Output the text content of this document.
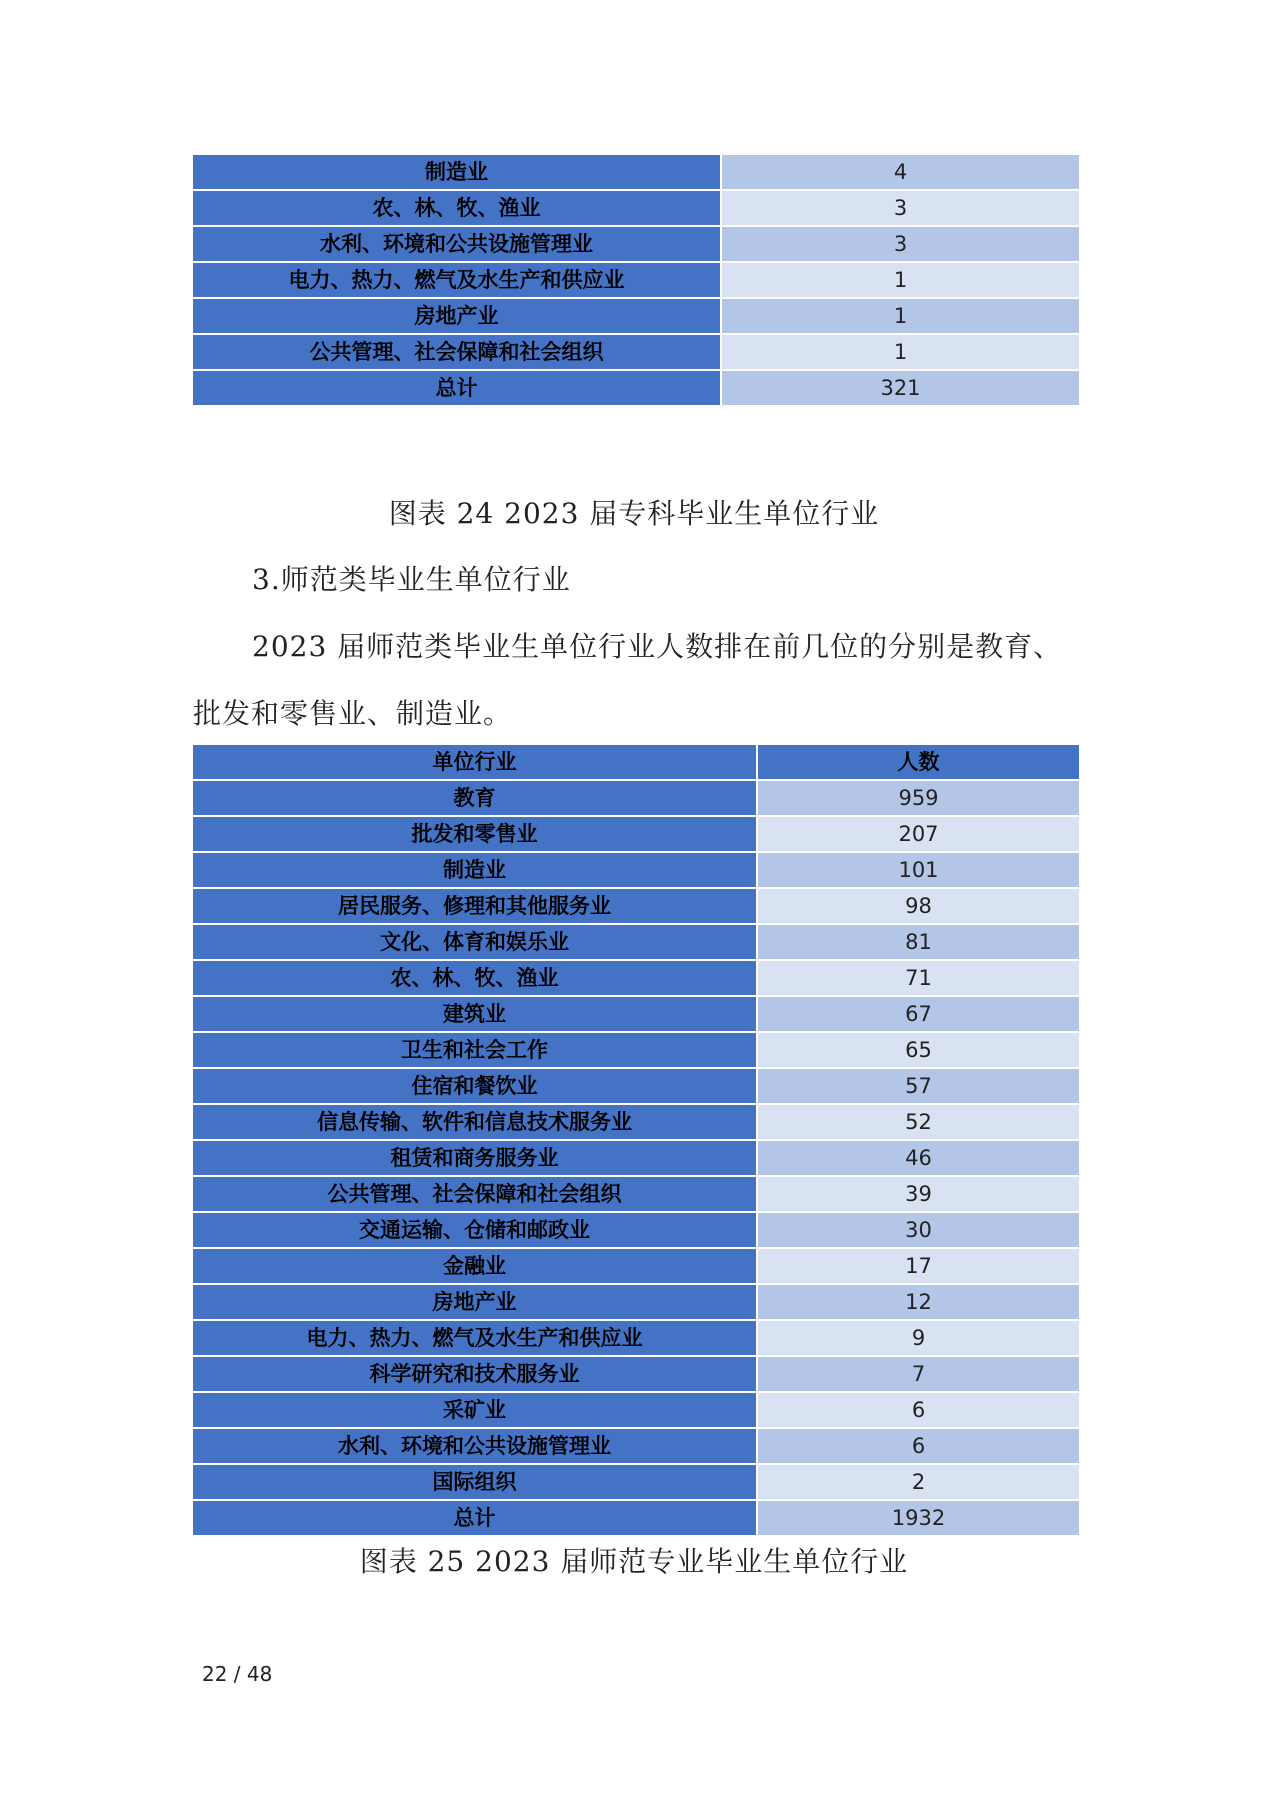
制造业	4
农、林、牧、渔业	3
水利、环境和公共设施管理业	3
电力、热力、燃气及水生产和供应业	1
房地产业	1
公共管理、社会保障和社会组织	1
总计	321
图表 24 2023 届专科毕业生单位行业
3.师范类毕业生单位行业
2023 届师范类毕业生单位行业人数排在前几位的分别是教育、
批发和零售业、制造业。
单位行业	人数
教育	959
批发和零售业	207
制造业	101
居民服务、修理和其他服务业	98
文化、体育和娱乐业	81
农、林、牧、渔业	71
建筑业	67
卫生和社会工作	65
住宿和餐饮业	57
信息传输、软件和信息技术服务业	52
租赁和商务服务业	46
公共管理、社会保障和社会组织	39
交通运输、仓储和邮政业	30
金融业	17
房地产业	12
电力、热力、燃气及水生产和供应业	9
科学研究和技术服务业	7
采矿业	6
水利、环境和公共设施管理业	6
国际组织	2
总计	1932
图表 25 2023 届师范专业毕业生单位行业
22 / 48
